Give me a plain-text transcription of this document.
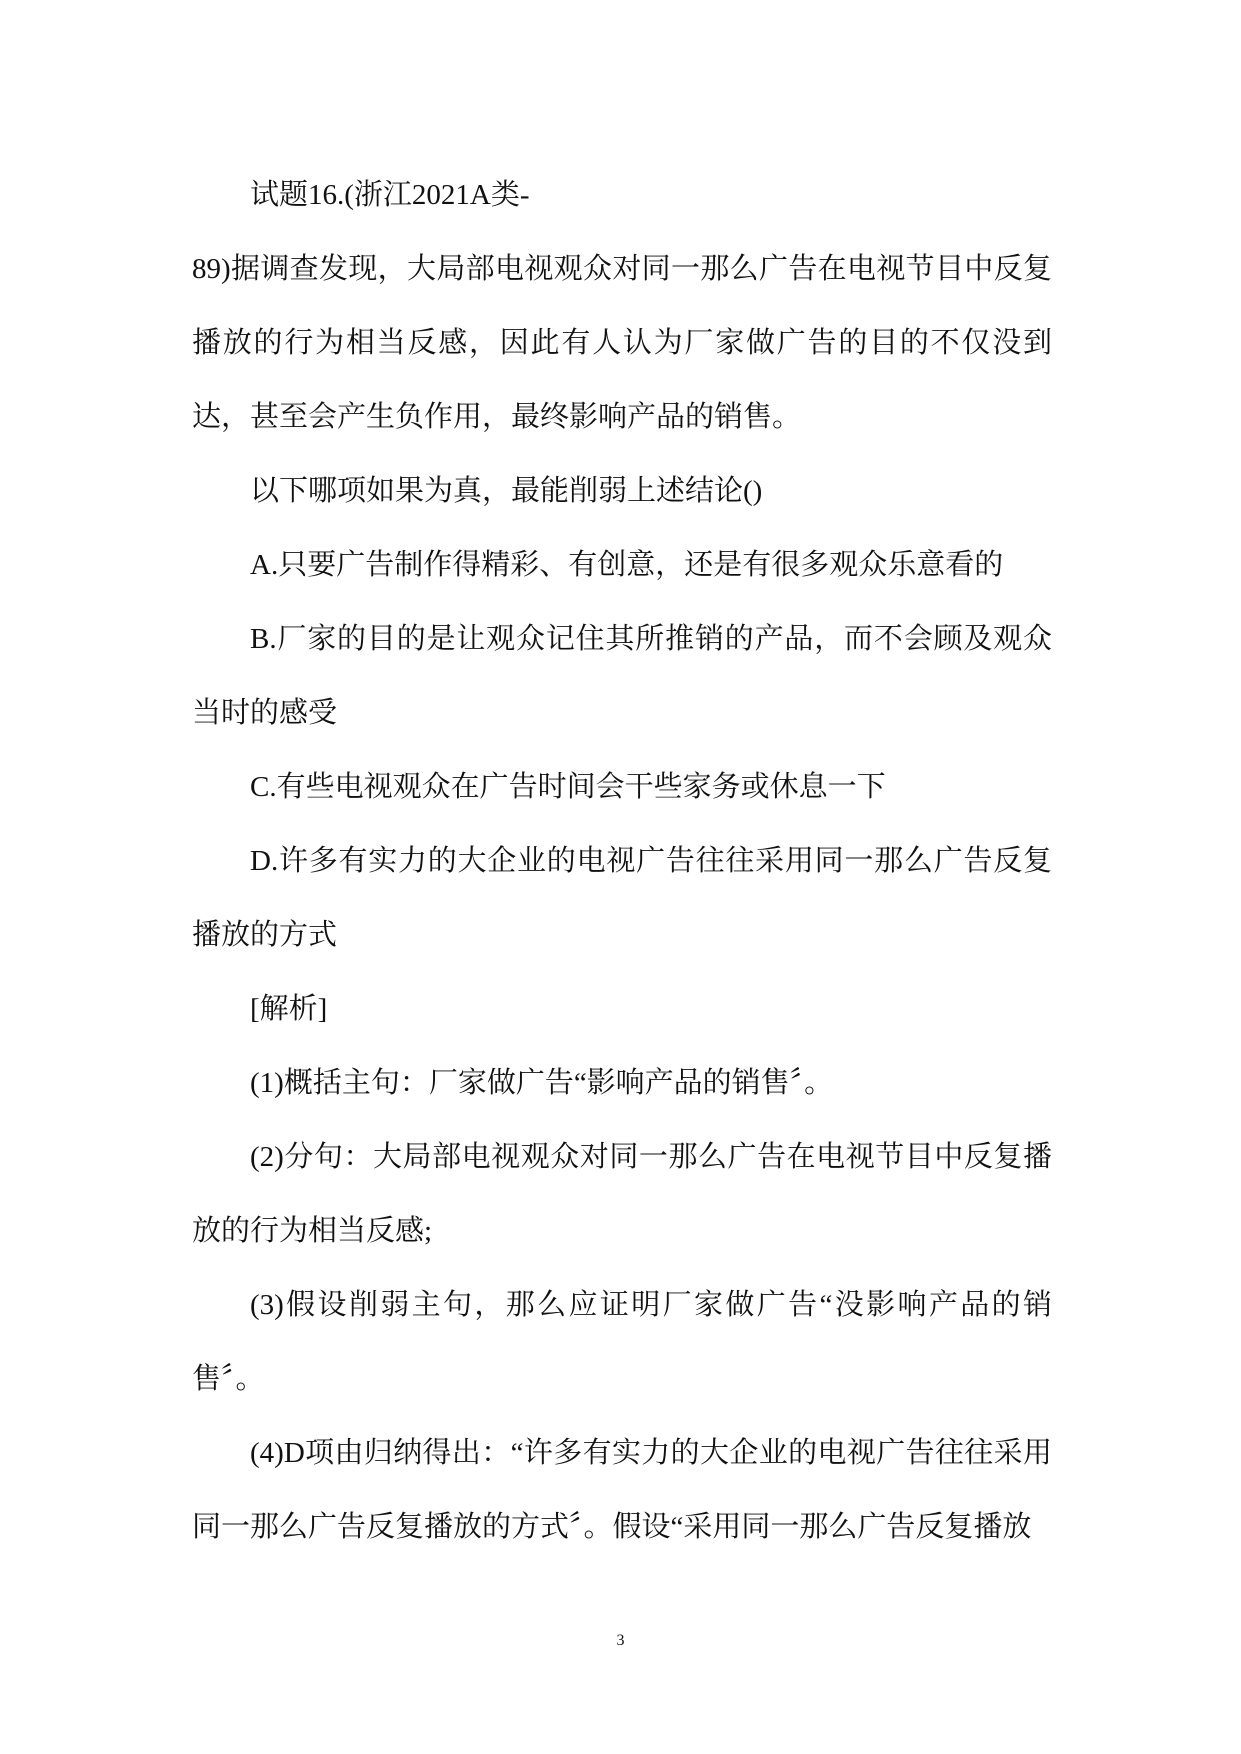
试题16.(浙江2021A类-

89)据调查发现，大局部电视观众对同一那么广告在电视节目中反复播放的行为相当反感，因此有人认为厂家做广告的目的不仅没到达，甚至会产生负作用，最终影响产品的销售。

以下哪项如果为真，最能削弱上述结论()

A.只要广告制作得精彩、有创意，还是有很多观众乐意看的

B.厂家的目的是让观众记住其所推销的产品，而不会顾及观众当时的感受

C.有些电视观众在广告时间会干些家务或休息一下

D.许多有实力的大企业的电视广告往往采用同一那么广告反复播放的方式

[解析]

(1)概括主句：厂家做广告“影响产品的销售〞。

(2)分句：大局部电视观众对同一那么广告在电视节目中反复播放的行为相当反感;

(3)假设削弱主句，那么应证明厂家做广告“没影响产品的销售〞。

(4)D项由归纳得出：“许多有实力的大企业的电视广告往往采用同一那么广告反复播放的方式〞。假设“采用同一那么广告反复播放

3
